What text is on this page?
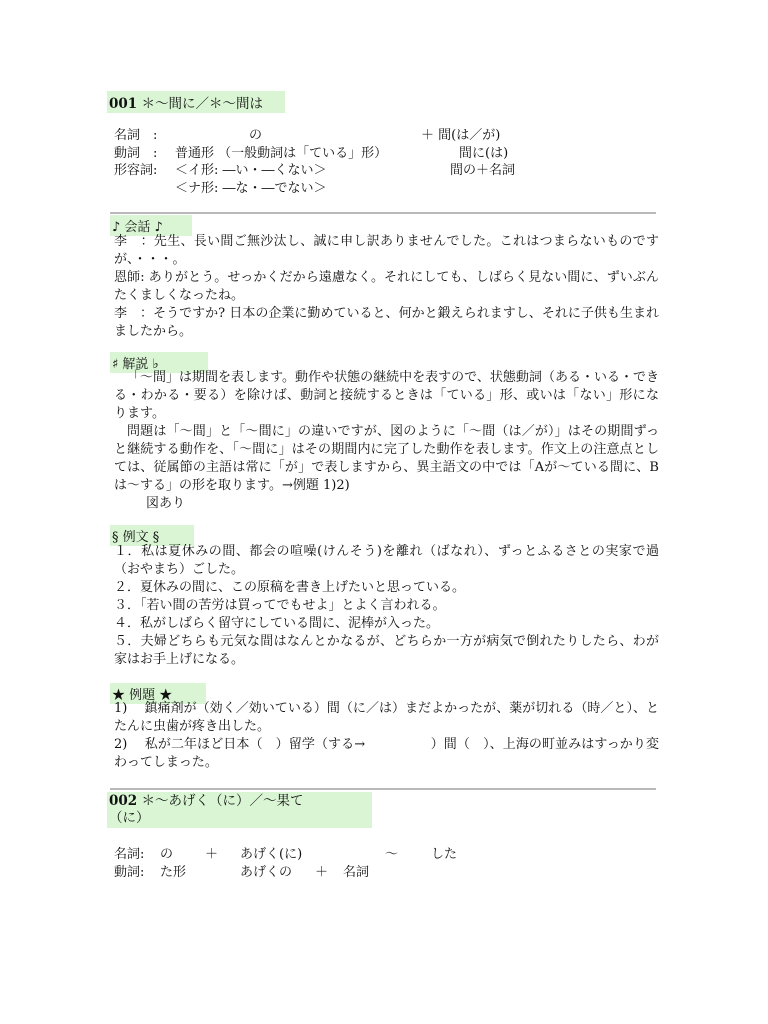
001 ＊～間に／＊～間は
名詞　:	の	＋ 間(は／が)
動詞　: 普通形 （一般動詞は「ている」形）	間に(は)
形容詞: ＜イ形: ―い・―くない＞	間の＋名詞
＜ナ形: ―な・―でない＞
♪ 会話 ♪

李　：先生、長い間ご無沙汰し、誠に申し訳ありませんでした。これはつまらないものですが、・・・。

恩師: ありがとう。せっかくだから遠慮なく。それにしても、しばらく見ない間に、ずいぶんたくましくなったね。

李　：そうですか? 日本の企業に勤めていると、何かと鍛えられますし、それに子供も生まれましたから。

♯ 解説 ♭

「～間」は期間を表します。動作や状態の継続中を表すので、状態動詞（ある・いる・できる・わかる・要る）を除けば、動詞と接続するときは「ている」形、或いは「ない」形になります。

問題は「～間」と「～間に」の違いですが、図のように「～間（は／が）」はその期間ずっと継続する動作を、「～間に」はその期間内に完了した動作を表します。作文上の注意点としては、従属節の主語は常に「が」で表しますから、異主語文の中では「Aが～ている間に、Bは～する」の形を取ります。→例題 1)2)

図あり

§ 例文 §

１．私は夏休みの間、都会の喧噪(けんそう)を離れ（ばなれ）、ずっとふるさとの実家で過（おやまち）ごした。

２．夏休みの間に、この原稿を書き上げたいと思っている。

３．「若い間の苦労は買ってでもせよ」とよく言われる。

４．私がしばらく留守にしている間に、泥棒が入った。

５．夫婦どちらも元気な間はなんとかなるが、どちらか一方が病気で倒れたりしたら、わが家はお手上げになる。

★ 例題 ★

1)　 鎮痛剤が（効く／効いている）間（に／は）まだよかったが、薬が切れる（時／と）、とたんに虫歯が疼き出した。

2)　 私が二年ほど日本（　）留学（する→　　　　　）間（　）、上海の町並みはすっかり変わってしまった。

002 ＊～あげく（に）／～果て
（に）
名詞: の ＋ あげく(に)	～	した
動詞: た形	あげくの ＋ 名詞
